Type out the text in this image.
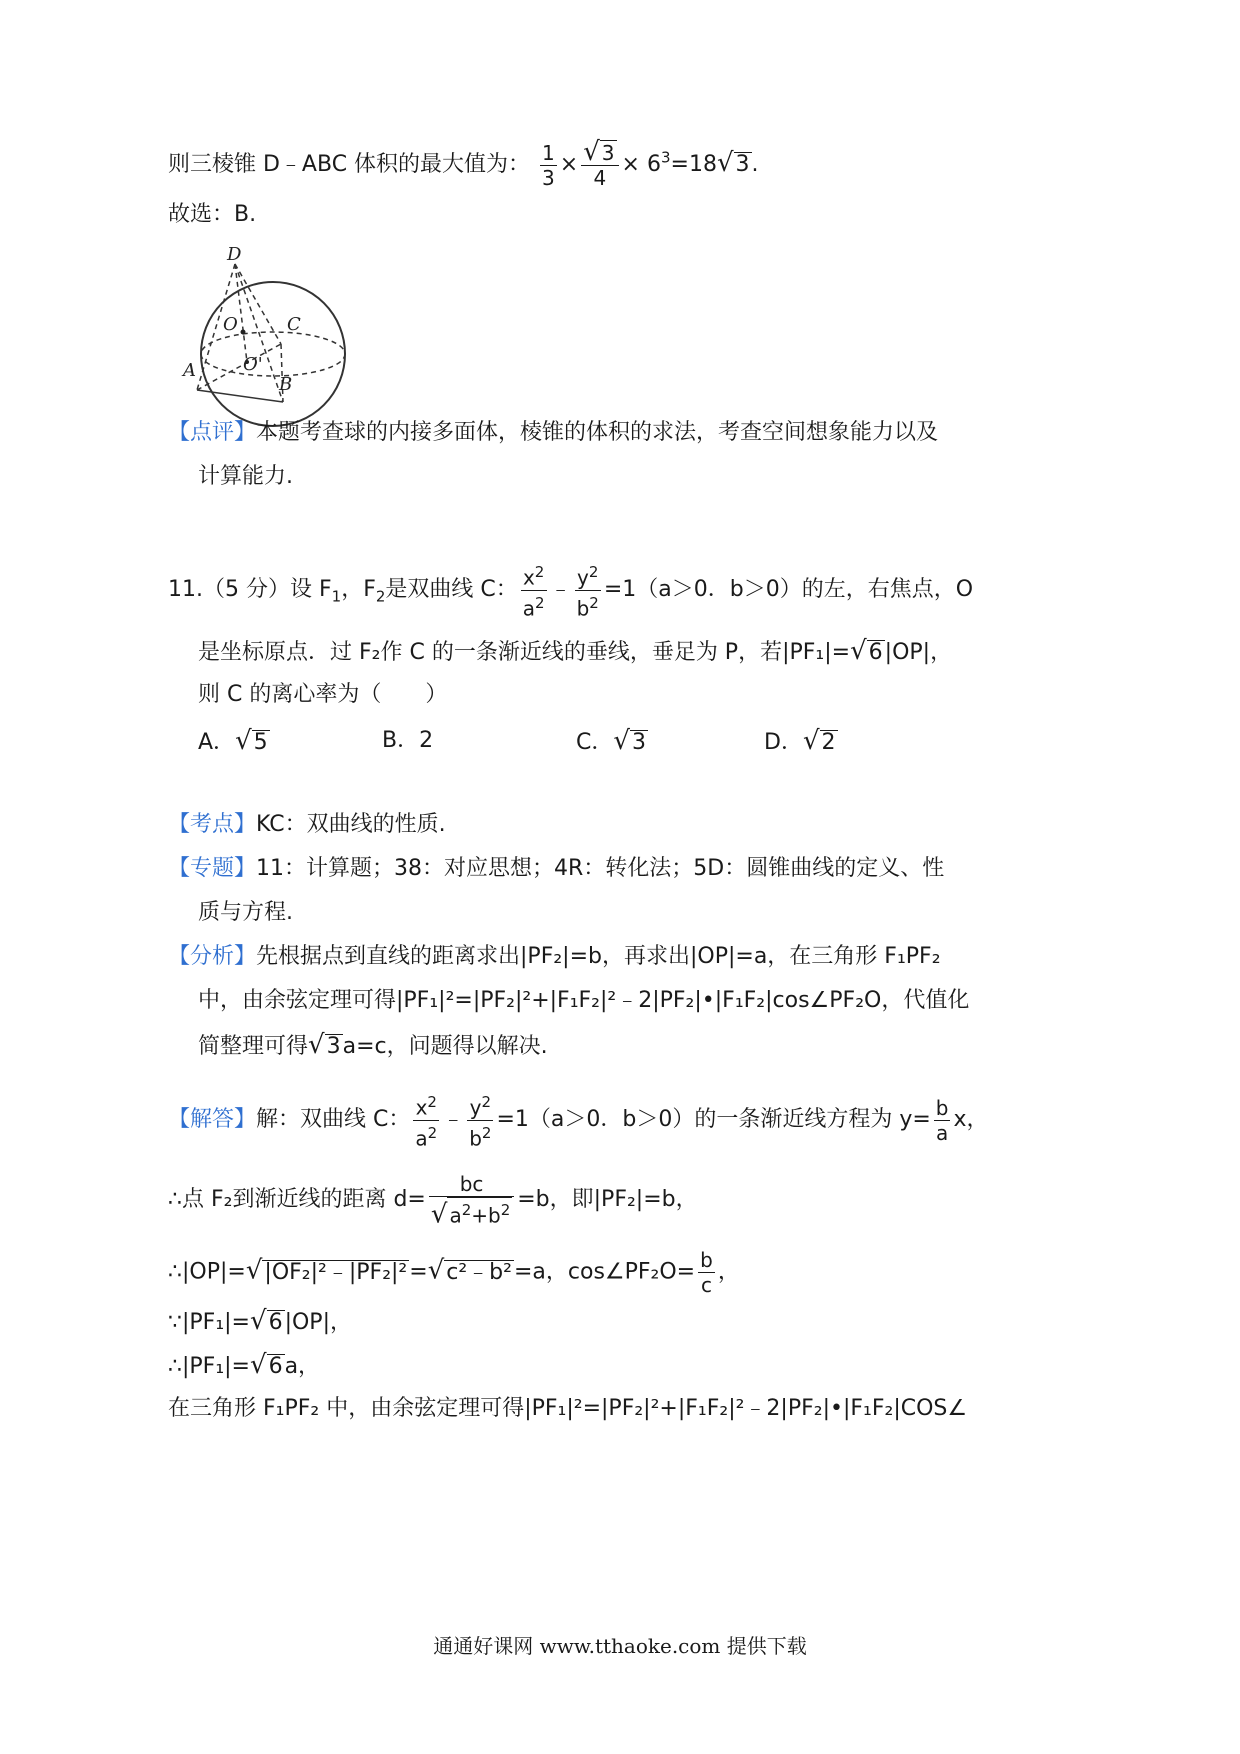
则三棱锥 D﹣ABC 体积的最大值为： $\frac{1}{3} \times \frac{√ 3}{4} \times 6^3=18√3$.
故选：B.
D
O	C
A
B
O'
【点评】本题考查球的内接多面体，棱锥的体积的求法，考查空间想象能力以及
计算能力.
11.（5 分）设 $F_1$，$F_2$是双曲线 C： $\frac{x^2}{a^2}$ ﹣ $\frac{y^2}{b^2} =1(a>0$．b＞0）的左，右焦点，O
是坐标原点．过 F₂作 C 的一条渐近线的垂线，垂足为 P，若|PF₁|=√6|OP|，
则 C 的离心率为（　　）
A．√5	B．2	C．√3	D．√2
【考点】KC：双曲线的性质.
【专题】11：计算题；38：对应思想；4R：转化法；5D：圆锥曲线的定义、性
质与方程.
【分析】先根据点到直线的距离求出|PF₂|=b，再求出|OP|=a，在三角形 F₁PF₂
中，由余弦定理可得|PF₁|²=|PF₂|²+|F₁F₂|²﹣2|PF₂|•|F₁F₂|cos∠PF₂O，代值化
简整理可得√3a=c，问题得以解决.
【解答】解：双曲线 C： $\frac{x^2}{a^2}$ ﹣ $\frac{y^2}{b^2} =1(a>0$．b＞0）的一条渐近线方程为 $y= \frac{b}{a}$ x，
∴点 F₂到渐近线的距离 $d= \frac{bc}{√ a^2+b^2} =b$，即|PF₂|=b，
∴|OP|=√|OF₂|²﹣|PF₂|²=√c²﹣b²=a，cos∠PF₂O= $\frac{b}{c}$ ，
∵|PF₁|=√6|OP|，
∴|PF₁|=√6a，
在三角形 F₁PF₂ 中，由余弦定理可得|PF₁|²=|PF₂|²+|F₁F₂|²﹣2|PF₂|•|F₁F₂|COS∠
通通好课网 www.tthaoke.com 提供下载
